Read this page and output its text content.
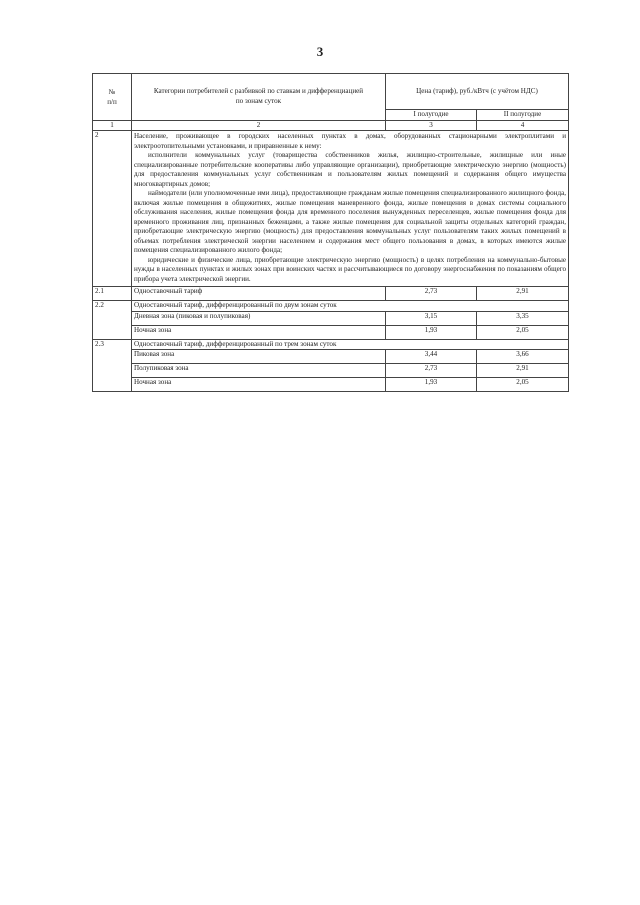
3
№
п/п	Категории потребителей с разбивкой по ставкам и дифференциацией по зонам суток	Цена (тариф), руб./кВтч (с учётом НДС)	
		I полугодие	II полугодие
1	2	3	4
2	Население, проживающее в городских населенных пунктах в домах, оборудованных стационарными электроплитами и электроотопительными установками, и приравненные к нему:

исполнители коммунальных услуг (товарищества собственников жилья, жилищно-строительные, жилищные или иные специализированные потребительские кооперативы либо управляющие организации), приобретающие электрическую энергию (мощность) для предоставления коммунальных услуг собственникам и пользователям жилых помещений и содержания общего имущества многоквартирных домов;

наймодатели (или уполномоченные ими лица), предоставляющие гражданам жилые помещения специализированного жилищного фонда, включая жилые помещения в общежитиях, жилые помещения маневренного фонда, жилые помещения в домах системы социального обслуживания населения, жилые помещения фонда для временного поселения вынужденных переселенцев, жилые помещения фонда для временного проживания лиц, признанных беженцами, а также жилые помещения для социальной защиты отдельных категорий граждан, приобретающие электрическую энергию (мощность) для предоставления коммунальных услуг пользователям таких жилых помещений в объемах потребления электрической энергии населением и содержания мест общего пользования в домах, в которых имеются жилые помещения специализированного жилого фонда;

юридические и физические лица, приобретающие электрическую энергию (мощность) в целях потребления на коммунально-бытовые нужды в населенных пунктах и жилых зонах при воинских частях и рассчитывающиеся по договору энергоснабжения по показаниям общего прибора учета электрической энергии.		

2.1	Одноставочный тариф	2,73	2,91
2.2	Одноставочный тариф, дифференцированный по двум зонам суток		
	Дневная зона (пиковая и полупиковая)	3,15	3,35
	Ночная зона	1,93	2,05
2.3	Одноставочный тариф, дифференцированный по трем зонам суток		
	Пиковая зона	3,44	3,66
	Полупиковая зона	2,73	2,91
	Ночная зона	1,93	2,05
